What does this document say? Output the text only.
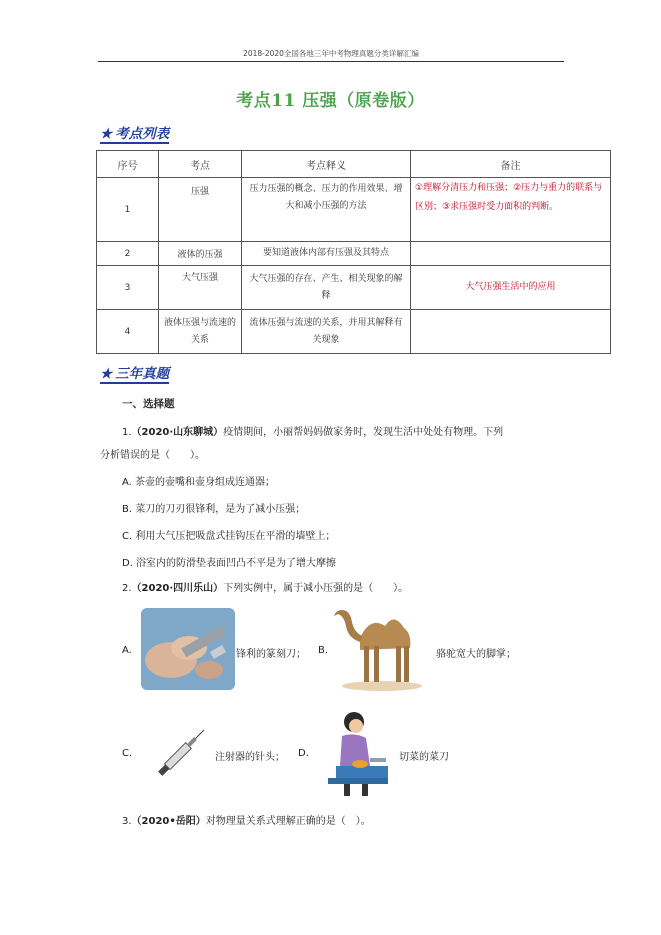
2018-2020全国各地三年中考物理真题分类详解汇编
考点11 压强（原卷版）
★ 考点列表
序号	考点	考点释义	备注
1	压强	压力压强的概念、压力的作用效果、增大和减小压强的方法	①理解分清压力和压强；②压力与重力的联系与区别；③求压强时受力面积的判断。
2	液体的压强	要知道液体内部有压强及其特点	
3	大气压强	大气压强的存在、产生、相关现象的解释	大气压强生活中的应用
4	液体压强与流速的关系	流体压强与流速的关系，并用其解释有关现象	
★ 三年真题
一、选择题
1.（2020·山东聊城）疫情期间，小丽帮妈妈做家务时，发现生活中处处有物理。下列
分析错误的是（　　）。
A. 茶壶的壶嘴和壶身组成连通器；
B. 菜刀的刀刃很锋利，是为了减小压强；
C. 利用大气压把吸盘式挂钩压在平滑的墙壁上；
D. 浴室内的防滑垫表面凹凸不平是为了增大摩擦
2.（2020·四川乐山）下列实例中，属于减小压强的是（　　）。
A.	锋利的篆刻刀； B.	骆驼宽大的脚掌；
C.	注射器的针头； D.	切菜的菜刀
3.（2020•岳阳）对物理量关系式理解正确的是（　）。
